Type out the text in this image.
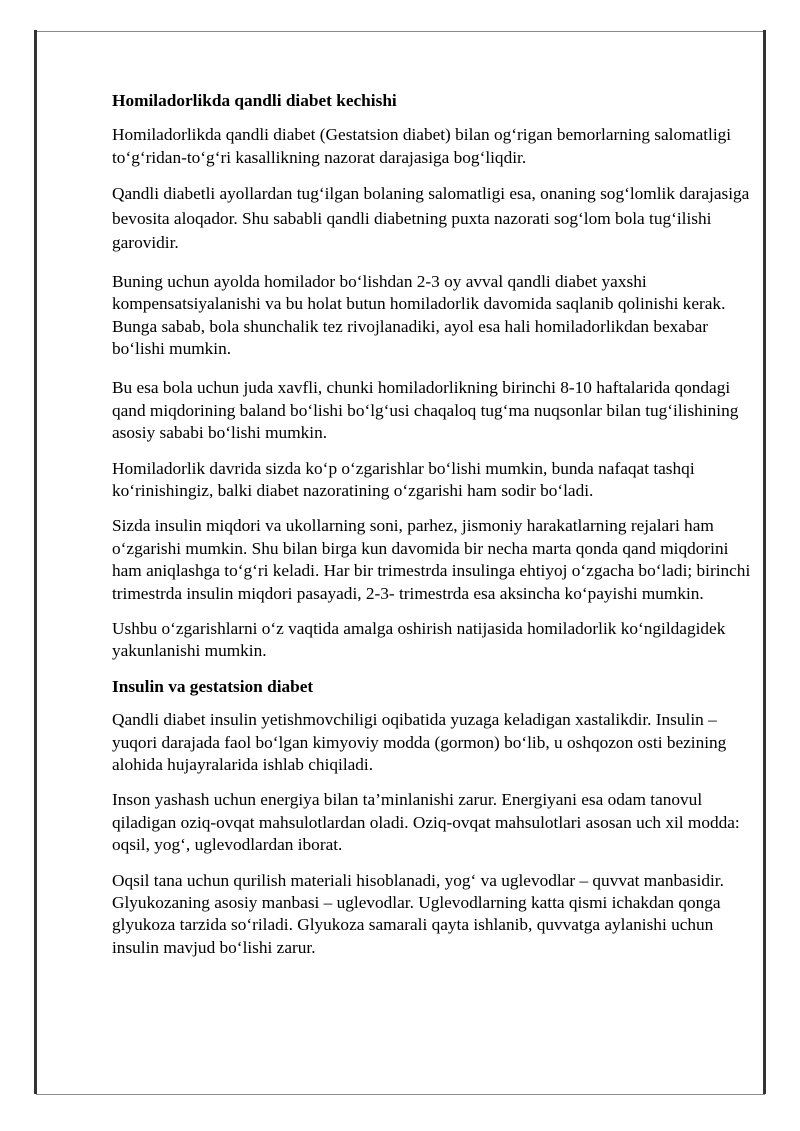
Homiladorlikda qandli diabet kechishi

Homiladorlikda qandli diabet (Gestatsion diabet) bilan og‘rigan bemorlarning salomatligi to‘g‘ridan-to‘g‘ri kasallikning nazorat darajasiga bog‘liqdir.

Qandli diabetli ayollardan tug‘ilgan bolaning salomatligi esa, onaning sog‘lomlik darajasiga bevosita aloqador. Shu sababli qandli diabetning puxta nazorati sog‘lom bola tug‘ilishi garovidir.

Buning uchun ayolda homilador bo‘lishdan 2-3 oy avval qandli diabet yaxshi kompensatsiyalanishi va bu holat butun homiladorlik davomida saqlanib qolinishi kerak. Bunga sabab, bola shunchalik tez rivojlanadiki, ayol esa hali homiladorlikdan bexabar bo‘lishi mumkin.

Bu esa bola uchun juda xavfli, chunki homiladorlikning birinchi 8-10 haftalarida qondagi qand miqdorining baland bo‘lishi bo‘lg‘usi chaqaloq tug‘ma nuqsonlar bilan tug‘ilishining asosiy sababi bo‘lishi mumkin.

Homiladorlik davrida sizda ko‘p o‘zgarishlar bo‘lishi mumkin, bunda nafaqat tashqi ko‘rinishingiz, balki diabet nazoratining o‘zgarishi ham sodir bo‘ladi.

Sizda insulin miqdori va ukollarning soni, parhez, jismoniy harakatlarning rejalari ham o‘zgarishi mumkin. Shu bilan birga kun davomida bir necha marta qonda qand miqdorini ham aniqlashga to‘g‘ri keladi. Har bir trimestrda insulinga ehtiyoj o‘zgacha bo‘ladi; birinchi trimestrda insulin miqdori pasayadi, 2-3- trimestrda esa aksincha ko‘payishi mumkin.

Ushbu o‘zgarishlarni o‘z vaqtida amalga oshirish natijasida homiladorlik ko‘ngildagidek yakunlanishi mumkin.

Insulin va gestatsion diabet

Qandli diabet insulin yetishmovchiligi oqibatida yuzaga keladigan xastalikdir. Insulin – yuqori darajada faol bo‘lgan kimyoviy modda (gormon) bo‘lib, u oshqozon osti bezining alohida hujayralarida ishlab chiqiladi.

Inson yashash uchun energiya bilan ta’minlanishi zarur. Energiyani esa odam tanovul qiladigan oziq-ovqat mahsulotlardan oladi. Oziq-ovqat mahsulotlari asosan uch xil modda: oqsil, yog‘, uglevodlardan iborat.

Oqsil tana uchun qurilish materiali hisoblanadi, yog‘ va uglevodlar – quvvat manbasidir. Glyukozaning asosiy manbasi – uglevodlar. Uglevodlarning katta qismi ichakdan qonga glyukoza tarzida so‘riladi. Glyukoza samarali qayta ishlanib, quvvatga aylanishi uchun insulin mavjud bo‘lishi zarur.
